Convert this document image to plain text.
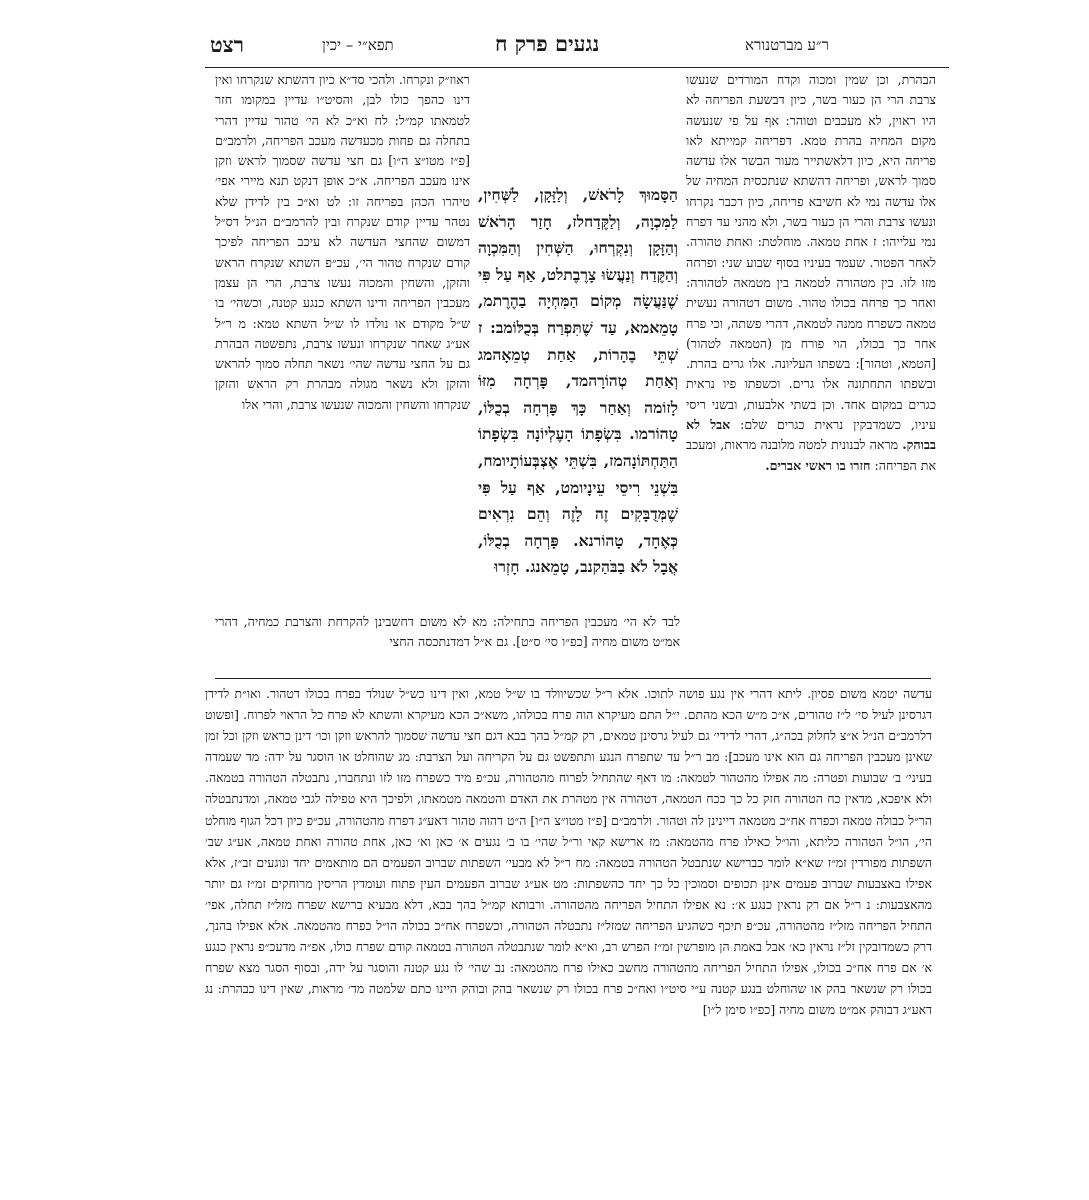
ר״ע מברטנורא
נגעים פרק ח
תפא״י – יכין
רצט

הבהרת, וכן שמין ומכוה וקדח המורדים שנעשו צרבת הרי הן כעור בשר, כיון דבשעת הפריחה לא היו ראוין, לא מעכבים וטוהר: אף על פי שנעשה מקום המחיה בהרת טמא. דפריחה קמייתא לאו פריחה היא, כיון דלאשתייר מעור הבשר אלו עדשה סמוך לראש, ופריחה דהשתא שנתכסית המחיה של אלו עדשה נמי לא חשיבא פריחה, כיון דכבר נקרחו ונעשו צרבת והרי הן כעור בשר, ולא מהני עד דפרח נמי עלייהו: ז אחת טמאה. מוחלטת: ואחת טהורה. לאחר הפטור. שעמד בעיניו בסוף שבוע שני: ופרחה מזו לזו. בין מטהורה לטמאה בין מטמאה לטהורה: ואחר כך פרחה בכולו טהור. משום דטהורה נעשית טמאה כשפרח ממנה לטמאה, דהרי פשתה, וכי פרח אחר כך בכולו, הוי פורח מן (הטמאה לטהור) [הטמא, וטהור]: בשפתו העליונה. אלו גרים בהרת. ובשפתו התחתונה אלו גרים. וכשפתו פיו נראית כגרים במקום אחד. וכן בשתי אלבעות, ובשני ריסי עיניו, כשמדבקין נראית כגרים שלם: אבל לא בבוהק. מראה לבנונית למטה מלובנה מראות, ומעכב את הפריחה: חזרו בו ראשי אברים.

הַסָּמוּךְ לָרֹאשׁ, וְלַזָּקָן, לַשְּׁחִין, לַמִּכְוָה, וְלַקֶּדַחלז, חָזַר הָרֹאשׁ וְהַזָּקָן וְנִקְרְחוּ, הַשְּׁחִין וְהַמִּכְוָה וְהַקֶּדַח וְנַעֲשׂוּ צָרֶבֶתלט, אַף עַל פִּי שֶׁנַּעֲשָׂה מְקוֹם הַמִּחְיָה בַהֶרֶתמ, טָמֵאמא, עַד שֶׁתִּפְרַח בְּכֻלּוֹמב: ז שְׁתֵּי בֶהָרוֹת, אַחַת טְמֵאָהמג וְאַחַת טְהוֹרָהמד, פָּרְחָה מִזּוֹ לָזוֹמה וְאַחַר כָּךְ פָּרְחָה בְכֻלּוֹ, טָהוֹרמו. בִּשְׂפָתוֹ הָעֶלְיוֹנָה בִּשְׂפָתוֹ הַתַּחְתּוֹנָהמז, בִּשְׁתֵּי אֶצְבְּעוֹתָיומח, בִּשְׁנֵי רִיסֵי עֵינָיומט, אַף עַל פִּי שֶׁמְּדֻבָּקִים זֶה לָזֶה וְהֵם נִרְאִים כְּאֶחָד, טָהוֹרנא. פָּרְחָה בְכֻלּוֹ, אֲבָל לֹא בַבֹּהַקנב, טָמֵאנג. חָזְרוּ

ראוז״ק ונקרחו. ולהכי סד״א כיון דהשתא שנקרחו ואין דינו כהפך כולו לבן, והסיט״ו עדיין במקומו חזר לטמאתו קמ״ל: לח וא״כ לא הי׳ טהור עדיין דהרי בתחלה גם פחות מכעדשה מעכב הפריחה, ולרמב״ם [פ״ז מטו״צ ה״ו] גם חצי עדשה שסמוך לראש וזקן אינו מעכב הפריחה. א״כ אופן דנקט תנא מיירי אפי׳ טיהרו הכהן בפריחה זו: לט וא״כ בין לדידן שלא נטהר עדיין קודם שנקרח ובין להרמב״ם הנ״ל דס״ל דמשום שהחצי העדשה לא עיכב הפריחה לפיכך קודם שנקרח טהור הי׳, עכ״פ השתא שנקרח הראש והזקן, והשחין והמכוה נעשו צרבת, הרי הן עצמן מעכבין הפריחה ודינו השתא כנגע קטנה, וכשהי׳ בו ש״ל מקודם או נולדו לו ש״ל השתא טמא: מ ר״ל אע״ג שאחר שנקרחו ונעשו צרבת, נתפשטה הבהרת גם על החצי עדשה שהי׳ נשאר תחלה סמוך להראש והזקן ולא נשאר מגולה מבהרת רק הראש והזקן שנקרחו והשחין והמכוה שנעשו צרבת, והרי אלו

לבד לא הי׳ מעכבין הפריחה בתחילה: מא לא משום דחשבינן להקרחת והצרבת כמחיה, דהרי אמ״ט משום מחיה [כפ״ו סי׳ ס״ט]. גם א״ל דמדנתכסה החצי

עדשה יטמא משום פסיון. ליתא דהרי אין נגע פושה לתוכו. אלא ר״ל שכשיוולד בו ש״ל טמא, ואין דינו כש״ל שנולד בפרח בכולו דטהור. ואו״ת לדידן דגרסינן לעיל סי׳ ל״ז טהורים, א״כ מ״ש הכא מהתם. י״ל התם מעיקרא הוה פרח בכולהו, משא״כ הכא מעיקרא והשתא לא פרח כל הראוי לפרוח. [ופשוט דלרמב״ם הנ״ל א״צ לחלוק בכה״ג, דהרי לדידי׳ גם לעיל גרסינן טמאים, רק קמ״ל בהך בבא דגם חצי עדשה שסמוך להראש וזקן וכו׳ דינן כראש וזקן וכל זמן שאינן מעכבין הפריחה גם הוא אינו מעכב]: מב ר״ל עד שתפרח הנגע ותתפשט גם על הקריחה ועל הצרבת: מג שהוחלט או הוסגר על ידה: מד שעמדה בעיני׳ ב׳ שבועות ופטרה: מה אפילו מהטהור לטמאה: מו דאף שהתחיל לפרוח מהטהורה, עכ״פ מיד כשפרח מזו לזו ונתחברו, נתבטלה הטהורה בטמאה. ולא איפכא, מדאין כח הטהורה חזק כל כך ככח הטמאה, דטהורה אין מטהרת את האדם והטמאה מטמאתו, ולפיכך היא טפילה לגבי טמאה, ומדנתבטלה הר״ל כבולה טמאה וכפרח אח״כ מטמאה דיינינן לה וטהור. ולרמב״ם [פ״ז מטו״צ ה״ו] ה״ט דהוה טהור דאע״ג דפרח מהטהורה, עכ״פ כיון דכל הגוף מוחלט הי׳, הו״ל הטהורה כליתא, והו״ל כאילו פרח מהטמאה: מז ארישא קאי ור״ל שהי׳ בו ב׳ נגעים א׳ כאן וא׳ כאן, אחת טהורה ואחת טמאה, אע״ג שב׳ השפתות מפורדין זמ״ז שא״א לומר כברישא שנתבטל הטהורה בטמאה: מח ר״ל לא מבעי׳ השפתות שברוב הפעמים הם מותאמים יחד ונוגעים זב״ז, אלא אפילו באצבעות שברוב פעמים אינן תכופים וסמוכין כל כך יחד כהשפתות: מט אע״ג שברוב הפעמים העין פתוח ועומדין הריסין מרוחקים זמ״ז גם יותר מהאצבעות: נ ר״ל אם רק נראין כנגע א׳: נא אפילו התחיל הפריחה מהטהורה. ורבותא קמ״ל בהך בבא, דלא מבעיא ברישא שפרח מזל״ז תחלה, אפי׳ התחיל הפריחה מזל״ז מהטהורה, עכ״פ תיכף כשהגיע הפריחה שמזל״ז נתבטלה הטהורה, וכשפרח אח״כ בכולה הו״ל כפרח מהטמאה. אלא אפילו בהנך, דרק כשמדובקין זל״ז נראין כא׳ אבל באמת הן מופרשין זמ״ז הפרש רב, וא״א לומר שנתבטלה הטהורה בטמאה קודם שפרח כולו, אפ״ה מדעכ״פ נראין כנגע א׳ אם פרח אח״כ בכולו, אפילו התחיל הפריחה מהטהורה מחשב כאילו פרח מהטמאה: נב שהי׳ לו נגע קטנה והוסגר על ידה, ובסוף הסגר מצא שפרח בכולו רק שנשאר בהק או שהוחלט בנגע קטנה ע״י סיט״ו ואח״כ פרח בכולו רק שנשאר בהק ובוהק היינו כתם שלמטה מד׳ מראות, שאין דינו כבהרת: נג דאע״ג דבוהק אמ״ט משום מחיה [כפ״ו סימן ל״ו]
